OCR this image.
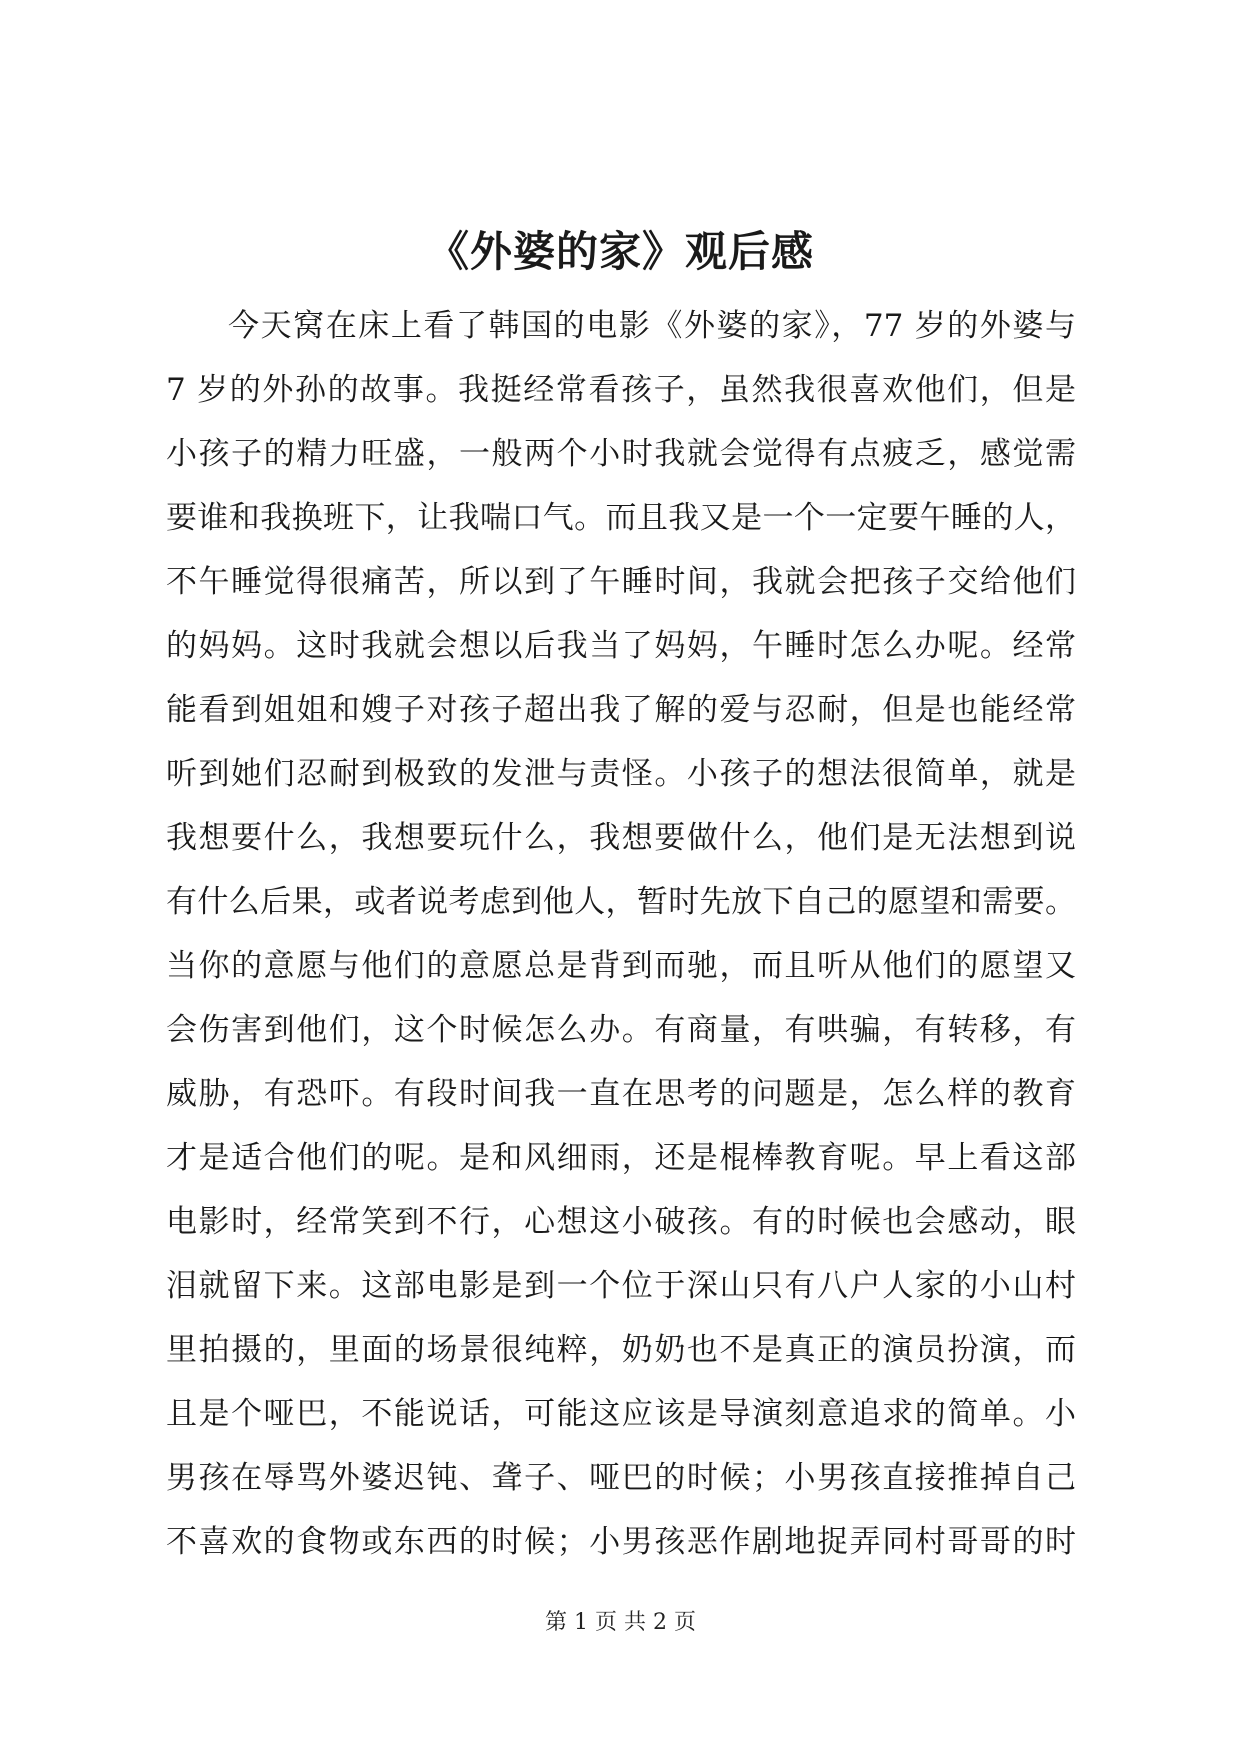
《外婆的家》观后感
今天窝在床上看了韩国的电影《外婆的家》，77 岁的外婆与
7 岁的外孙的故事。我挺经常看孩子，虽然我很喜欢他们，但是
小孩子的精力旺盛，一般两个小时我就会觉得有点疲乏，感觉需
要谁和我换班下，让我喘口气。而且我又是一个一定要午睡的人，
不午睡觉得很痛苦，所以到了午睡时间，我就会把孩子交给他们
的妈妈。这时我就会想以后我当了妈妈，午睡时怎么办呢。经常
能看到姐姐和嫂子对孩子超出我了解的爱与忍耐，但是也能经常
听到她们忍耐到极致的发泄与责怪。小孩子的想法很简单，就是
我想要什么，我想要玩什么，我想要做什么，他们是无法想到说
有什么后果，或者说考虑到他人，暂时先放下自己的愿望和需要。
当你的意愿与他们的意愿总是背到而驰，而且听从他们的愿望又
会伤害到他们，这个时候怎么办。有商量，有哄骗，有转移，有
威胁，有恐吓。有段时间我一直在思考的问题是，怎么样的教育
才是适合他们的呢。是和风细雨，还是棍棒教育呢。早上看这部
电影时，经常笑到不行，心想这小破孩。有的时候也会感动，眼
泪就留下来。这部电影是到一个位于深山只有八户人家的小山村
里拍摄的，里面的场景很纯粹，奶奶也不是真正的演员扮演，而
且是个哑巴，不能说话，可能这应该是导演刻意追求的简单。小
男孩在辱骂外婆迟钝、聋子、哑巴的时候；小男孩直接推掉自己
不喜欢的食物或东西的时候；小男孩恶作剧地捉弄同村哥哥的时
第 1 页 共 2 页
